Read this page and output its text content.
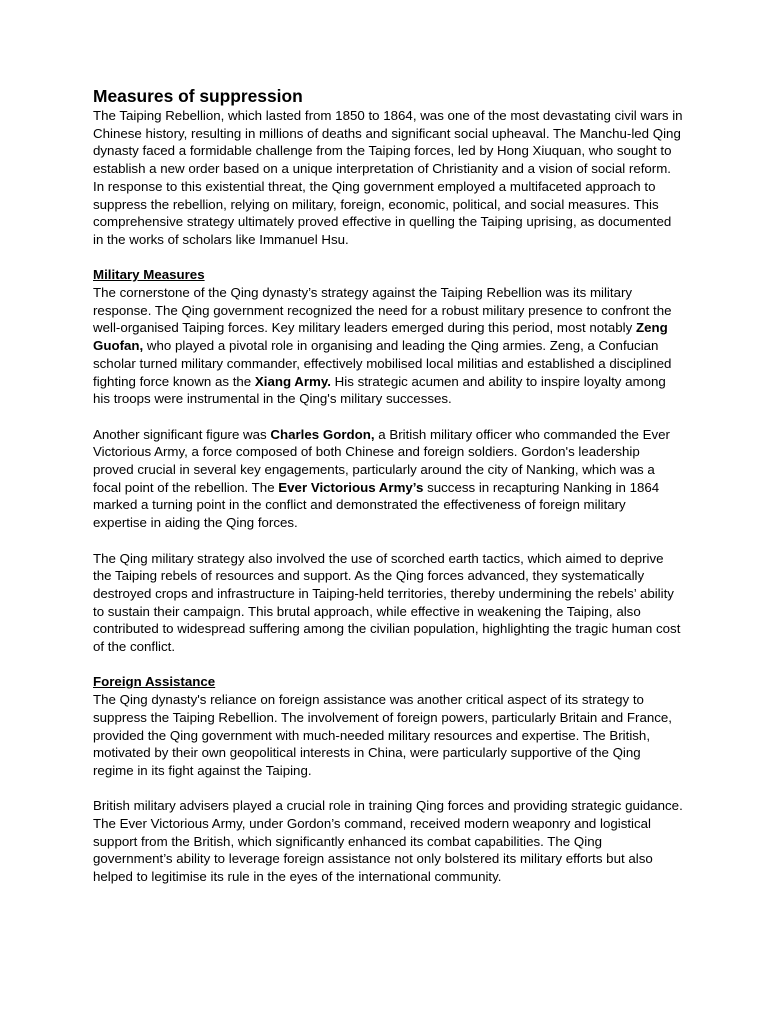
Measures of suppression

The Taiping Rebellion, which lasted from 1850 to 1864, was one of the most devastating civil wars in Chinese history, resulting in millions of deaths and significant social upheaval. The Manchu-led Qing dynasty faced a formidable challenge from the Taiping forces, led by Hong Xiuquan, who sought to establish a new order based on a unique interpretation of Christianity and a vision of social reform. In response to this existential threat, the Qing government employed a multifaceted approach to suppress the rebellion, relying on military, foreign, economic, political, and social measures. This comprehensive strategy ultimately proved effective in quelling the Taiping uprising, as documented in the works of scholars like Immanuel Hsu.

Military Measures

The cornerstone of the Qing dynasty’s strategy against the Taiping Rebellion was its military response. The Qing government recognized the need for a robust military presence to confront the well-organised Taiping forces. Key military leaders emerged during this period, most notably Zeng Guofan, who played a pivotal role in organising and leading the Qing armies. Zeng, a Confucian scholar turned military commander, effectively mobilised local militias and established a disciplined fighting force known as the Xiang Army. His strategic acumen and ability to inspire loyalty among his troops were instrumental in the Qing's military successes.

Another significant figure was Charles Gordon, a British military officer who commanded the Ever Victorious Army, a force composed of both Chinese and foreign soldiers. Gordon's leadership proved crucial in several key engagements, particularly around the city of Nanking, which was a focal point of the rebellion. The Ever Victorious Army’s success in recapturing Nanking in 1864 marked a turning point in the conflict and demonstrated the effectiveness of foreign military expertise in aiding the Qing forces.

The Qing military strategy also involved the use of scorched earth tactics, which aimed to deprive the Taiping rebels of resources and support. As the Qing forces advanced, they systematically destroyed crops and infrastructure in Taiping-held territories, thereby undermining the rebels’ ability to sustain their campaign. This brutal approach, while effective in weakening the Taiping, also contributed to widespread suffering among the civilian population, highlighting the tragic human cost of the conflict.

Foreign Assistance

The Qing dynasty's reliance on foreign assistance was another critical aspect of its strategy to suppress the Taiping Rebellion. The involvement of foreign powers, particularly Britain and France, provided the Qing government with much-needed military resources and expertise. The British, motivated by their own geopolitical interests in China, were particularly supportive of the Qing regime in its fight against the Taiping.

British military advisers played a crucial role in training Qing forces and providing strategic guidance. The Ever Victorious Army, under Gordon’s command, received modern weaponry and logistical support from the British, which significantly enhanced its combat capabilities. The Qing government’s ability to leverage foreign assistance not only bolstered its military efforts but also helped to legitimise its rule in the eyes of the international community.
